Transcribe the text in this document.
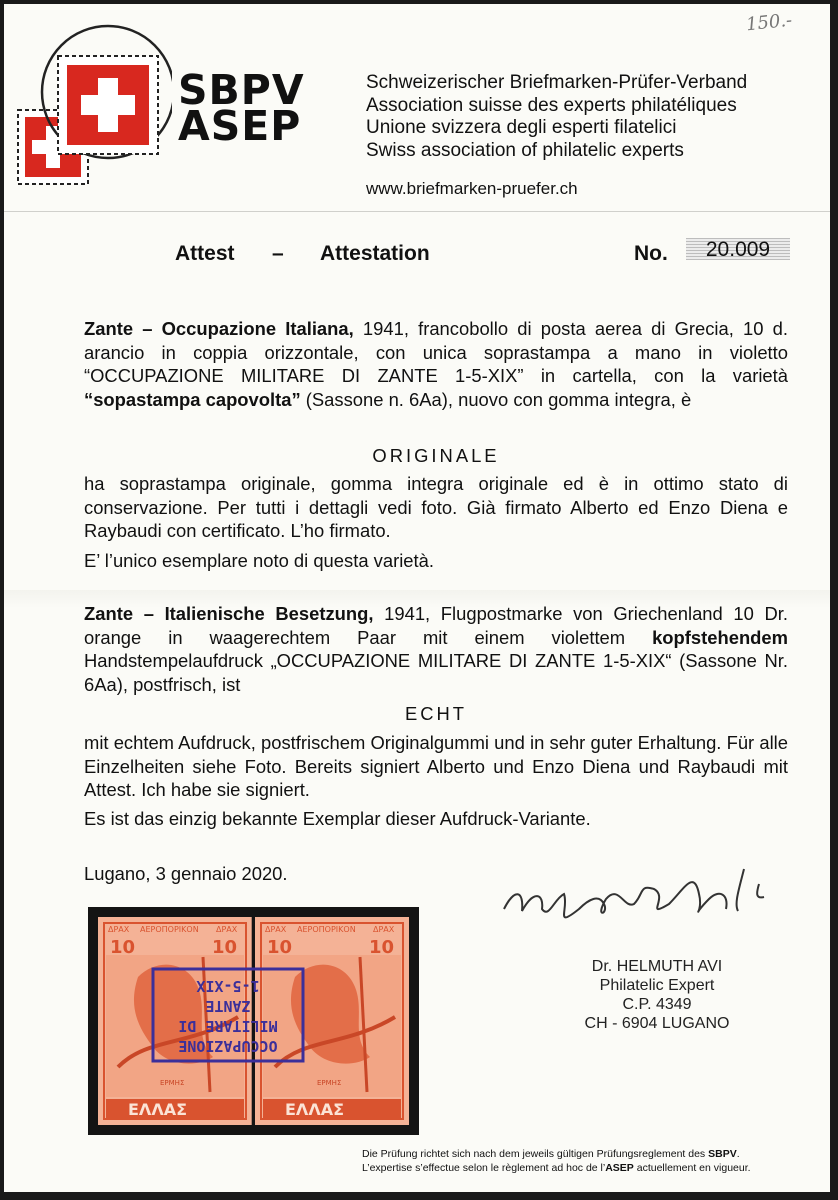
150.-
SBPV
ASEP
Schweizerischer Briefmarken-Prüfer-Verband
Association suisse des experts philatéliques
Unione svizzera degli esperti filatelici
Swiss association of philatelic experts
www.briefmarken-pruefer.ch
Attest – Attestation	No.	20.009
Zante – Occupazione Italiana, 1941, francobollo di posta aerea di Grecia, 10 d. arancio in coppia orizzontale, con unica soprastampa a mano in violetto “OCCUPAZIONE MILITARE DI ZANTE 1-5-XIX” in cartella, con la varietà “sopastampa capovolta” (Sassone n. 6Aa), nuovo con gomma integra, è
ORIGINALE
ha soprastampa originale, gomma integra originale ed è in ottimo stato di conservazione. Per tutti i dettagli vedi foto. Già firmato Alberto ed Enzo Diena e Raybaudi con certificato. L’ho firmato.
E’ l’unico esemplare noto di questa varietà.
Zante – Italienische Besetzung, 1941, Flugpostmarke von Griechenland 10 Dr. orange in waagerechtem Paar mit einem violettem kopfstehendem Handstempelaufdruck „OCCUPAZIONE MILITARE DI ZANTE 1-5-XIX“ (Sassone Nr. 6Aa), postfrisch, ist
ECHT
mit echtem Aufdruck, postfrischem Originalgummi und in sehr guter Erhaltung. Für alle Einzelheiten siehe Foto. Bereits signiert Alberto und Enzo Diena und Raybaudi mit Attest. Ich habe sie signiert.
Es ist das einzig bekannte Exemplar dieser Aufdruck-Variante.
Lugano, 3 gennaio 2020.
ΔΡΑΧ ΑΕΡΟΠΟΡΙΚΟΝ ΔΡΑΧ
10	10
ΕΡΜΗΣ
ΕΛΛΑΣ
ΔΡΑΧ ΑΕΡΟΠΟΡΙΚΟΝ ΔΡΑΧ
10	10
ΕΡΜΗΣ
ΕΛΛΑΣ
OCCUPAZIONE
MILITARE DI
ZANTE
1-5-XIX
Dr. HELMUTH AVI
Philatelic Expert
C.P. 4349
CH - 6904 LUGANO
Die Prüfung richtet sich nach dem jeweils gültigen Prüfungsreglement des SBPV.
L’expertise s’effectue selon le règlement ad hoc de l’ASEP actuellement en vigueur.
